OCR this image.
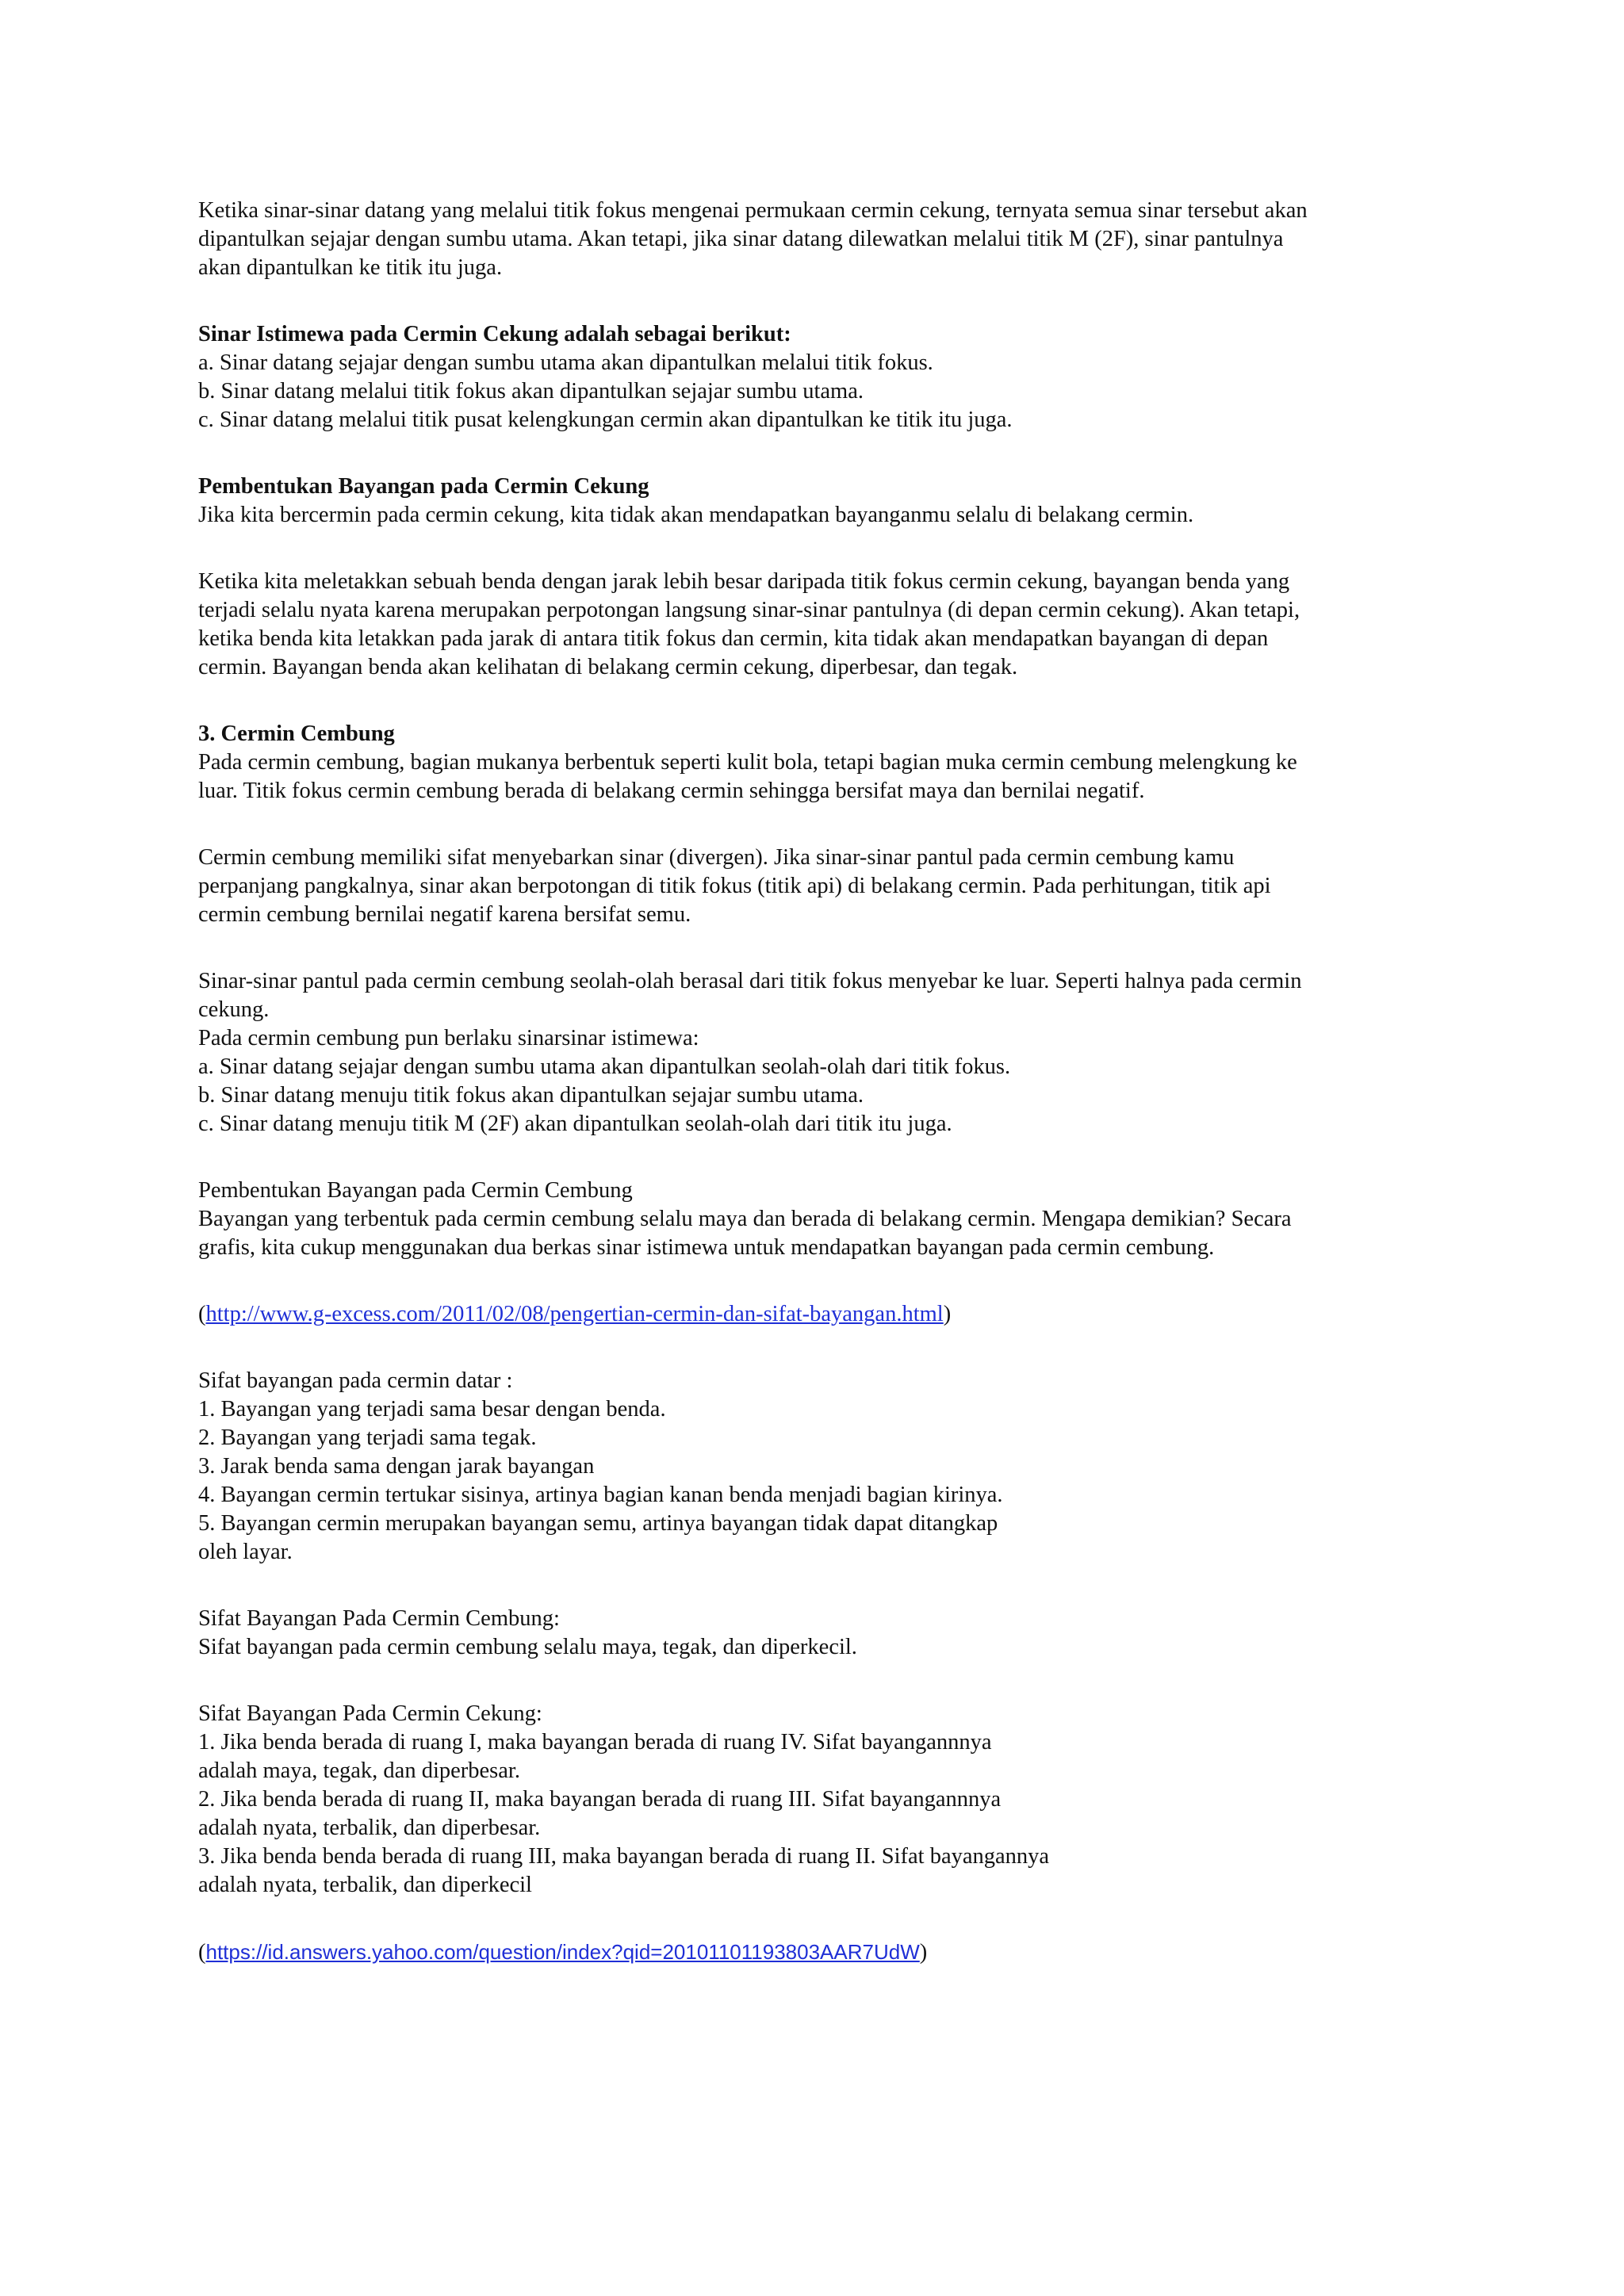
Ketika sinar-sinar datang yang melalui titik fokus mengenai permukaan cermin cekung, ternyata semua sinar tersebut akan
dipantulkan sejajar dengan sumbu utama. Akan tetapi, jika sinar datang dilewatkan melalui titik M (2F), sinar pantulnya
akan dipantulkan ke titik itu juga.
Sinar Istimewa pada Cermin Cekung adalah sebagai berikut:
a. Sinar datang sejajar dengan sumbu utama akan dipantulkan melalui titik fokus.
b. Sinar datang melalui titik fokus akan dipantulkan sejajar sumbu utama.
c. Sinar datang melalui titik pusat kelengkungan cermin akan dipantulkan ke titik itu juga.
Pembentukan Bayangan pada Cermin Cekung
Jika kita bercermin pada cermin cekung, kita tidak akan mendapatkan bayanganmu selalu di belakang cermin.
Ketika kita meletakkan sebuah benda dengan jarak lebih besar daripada titik fokus cermin cekung, bayangan benda yang
terjadi selalu nyata karena merupakan perpotongan langsung sinar-sinar pantulnya (di depan cermin cekung). Akan tetapi,
ketika benda kita letakkan pada jarak di antara titik fokus dan cermin, kita tidak akan mendapatkan bayangan di depan
cermin. Bayangan benda akan kelihatan di belakang cermin cekung, diperbesar, dan tegak.
3. Cermin Cembung
Pada cermin cembung, bagian mukanya berbentuk seperti kulit bola, tetapi bagian muka cermin cembung melengkung ke
luar. Titik fokus cermin cembung berada di belakang cermin sehingga bersifat maya dan bernilai negatif.
Cermin cembung memiliki sifat menyebarkan sinar (divergen). Jika sinar-sinar pantul pada cermin cembung kamu
perpanjang pangkalnya, sinar akan berpotongan di titik fokus (titik api) di belakang cermin. Pada perhitungan, titik api
cermin cembung bernilai negatif karena bersifat semu.
Sinar-sinar pantul pada cermin cembung seolah-olah berasal dari titik fokus menyebar ke luar. Seperti halnya pada cermin
cekung.
Pada cermin cembung pun berlaku sinarsinar istimewa:
a. Sinar datang sejajar dengan sumbu utama akan dipantulkan seolah-olah dari titik fokus.
b. Sinar datang menuju titik fokus akan dipantulkan sejajar sumbu utama.
c. Sinar datang menuju titik M (2F) akan dipantulkan seolah-olah dari titik itu juga.
Pembentukan Bayangan pada Cermin Cembung
Bayangan yang terbentuk pada cermin cembung selalu maya dan berada di belakang cermin. Mengapa demikian? Secara
grafis, kita cukup menggunakan dua berkas sinar istimewa untuk mendapatkan bayangan pada cermin cembung.
(http://www.g-excess.com/2011/02/08/pengertian-cermin-dan-sifat-bayangan.html)
Sifat bayangan pada cermin datar :
1. Bayangan yang terjadi sama besar dengan benda.
2. Bayangan yang terjadi sama tegak.
3. Jarak benda sama dengan jarak bayangan
4. Bayangan cermin tertukar sisinya, artinya bagian kanan benda menjadi bagian kirinya.
5. Bayangan cermin merupakan bayangan semu, artinya bayangan tidak dapat ditangkap
oleh layar.
Sifat Bayangan Pada Cermin Cembung:
Sifat bayangan pada cermin cembung selalu maya, tegak, dan diperkecil.
Sifat Bayangan Pada Cermin Cekung:
1. Jika benda berada di ruang I, maka bayangan berada di ruang IV. Sifat bayangannnya
adalah maya, tegak, dan diperbesar.
2. Jika benda berada di ruang II, maka bayangan berada di ruang III. Sifat bayangannnya
adalah nyata, terbalik, dan diperbesar.
3. Jika benda benda berada di ruang III, maka bayangan berada di ruang II. Sifat bayangannya
adalah nyata, terbalik, dan diperkecil
(https://id.answers.yahoo.com/question/index?qid=20101101193803AAR7UdW)
